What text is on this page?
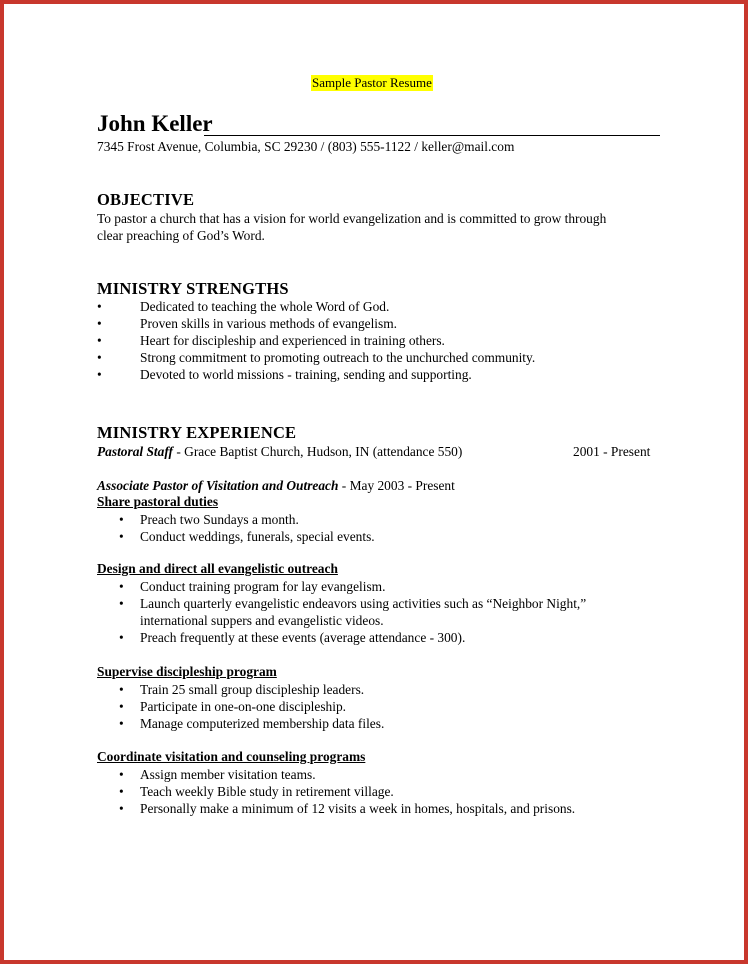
Sample Pastor Resume
John Keller
7345 Frost Avenue, Columbia, SC 29230 / (803) 555-1122 / keller@mail.com
OBJECTIVE
To pastor a church that has a vision for world evangelization and is committed to grow through
clear preaching of God’s Word.
MINISTRY STRENGTHS
•	Dedicated to teaching the whole Word of God.
•	Proven skills in various methods of evangelism.
•	Heart for discipleship and experienced in training others.
•	Strong commitment to promoting outreach to the unchurched community.
•	Devoted to world missions - training, sending and supporting.
MINISTRY EXPERIENCE
Pastoral Staff - Grace Baptist Church, Hudson, IN (attendance 550)	2001 - Present
Associate Pastor of Visitation and Outreach - May 2003 - Present
Share pastoral duties
• Preach two Sundays a month.
• Conduct weddings, funerals, special events.
Design and direct all evangelistic outreach
• Conduct training program for lay evangelism.
• Launch quarterly evangelistic endeavors using activities such as “Neighbor Night,”
international suppers and evangelistic videos.
• Preach frequently at these events (average attendance - 300).
Supervise discipleship program
• Train 25 small group discipleship leaders.
• Participate in one-on-one discipleship.
• Manage computerized membership data files.
Coordinate visitation and counseling programs
• Assign member visitation teams.
• Teach weekly Bible study in retirement village.
• Personally make a minimum of 12 visits a week in homes, hospitals, and prisons.
